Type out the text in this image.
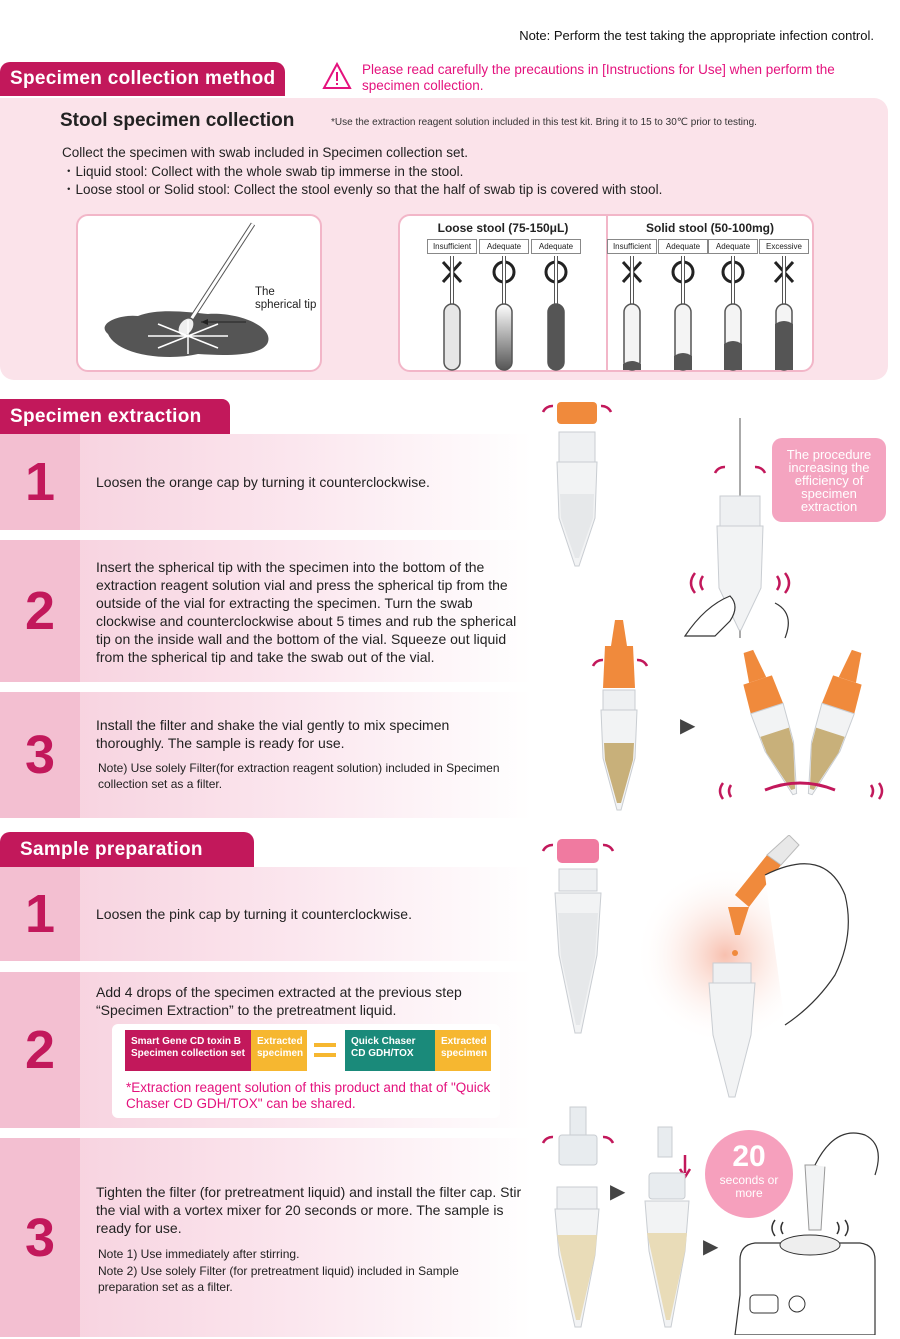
Note: Perform the test taking the appropriate infection control.
Specimen collection method	Please read carefully the precautions in [Instructions for Use] when perform the specimen collection.
Stool specimen collection	*Use the extraction reagent solution included in this test kit. Bring it to 15 to 30℃ prior to testing.
Collect the specimen with swab included in Specimen collection set.
・Liquid stool: Collect with the whole swab tip immerse in the stool.
・Loose stool or Solid stool: Collect the stool evenly so that the half of swab tip is covered with stool.
The spherical tip
Loose stool (75-150μL)	Solid stool (50-100mg)
Insufficient	Adequate	Adequate	Insufficient	Adequate	Adequate	Excessive
Specimen extraction
1	Loosen the orange cap by turning it counterclockwise.
2
Insert the spherical tip with the specimen into the bottom of the extraction reagent solution vial and press the spherical tip from the outside of the vial for extracting the specimen. Turn the swab clockwise and counterclockwise about 5 times and rub the spherical tip on the inside wall and the bottom of the vial. Squeeze out liquid from the spherical tip and take the swab out of the vial.
3	Install the filter and shake the vial gently to mix specimen thoroughly. The sample is ready for use.
Note) Use solely Filter(for extraction reagent solution) included in Specimen collection set as a filter.
The procedure increasing the efficiency of specimen extraction
▶
Sample preparation
1	Loosen the pink cap by turning it counterclockwise.
2
Add 4 drops of the specimen extracted at the previous step “Specimen Extraction” to the pretreatment liquid.
Smart Gene CD toxin B Specimen collection set
Extracted specimen
Quick Chaser CD GDH/TOX
Extracted specimen
*Extraction reagent solution of this product and that of "Quick Chaser CD GDH/TOX" can be shared.
3
Tighten the filter (for pretreatment liquid) and install the filter cap. Stir the vial with a vortex mixer for 20 seconds or more. The sample is ready for use.
Note 1) Use immediately after stirring.
Note 2) Use solely Filter (for pretreatment liquid) included in Sample preparation set as a filter.
▶
▶
20
seconds or more
